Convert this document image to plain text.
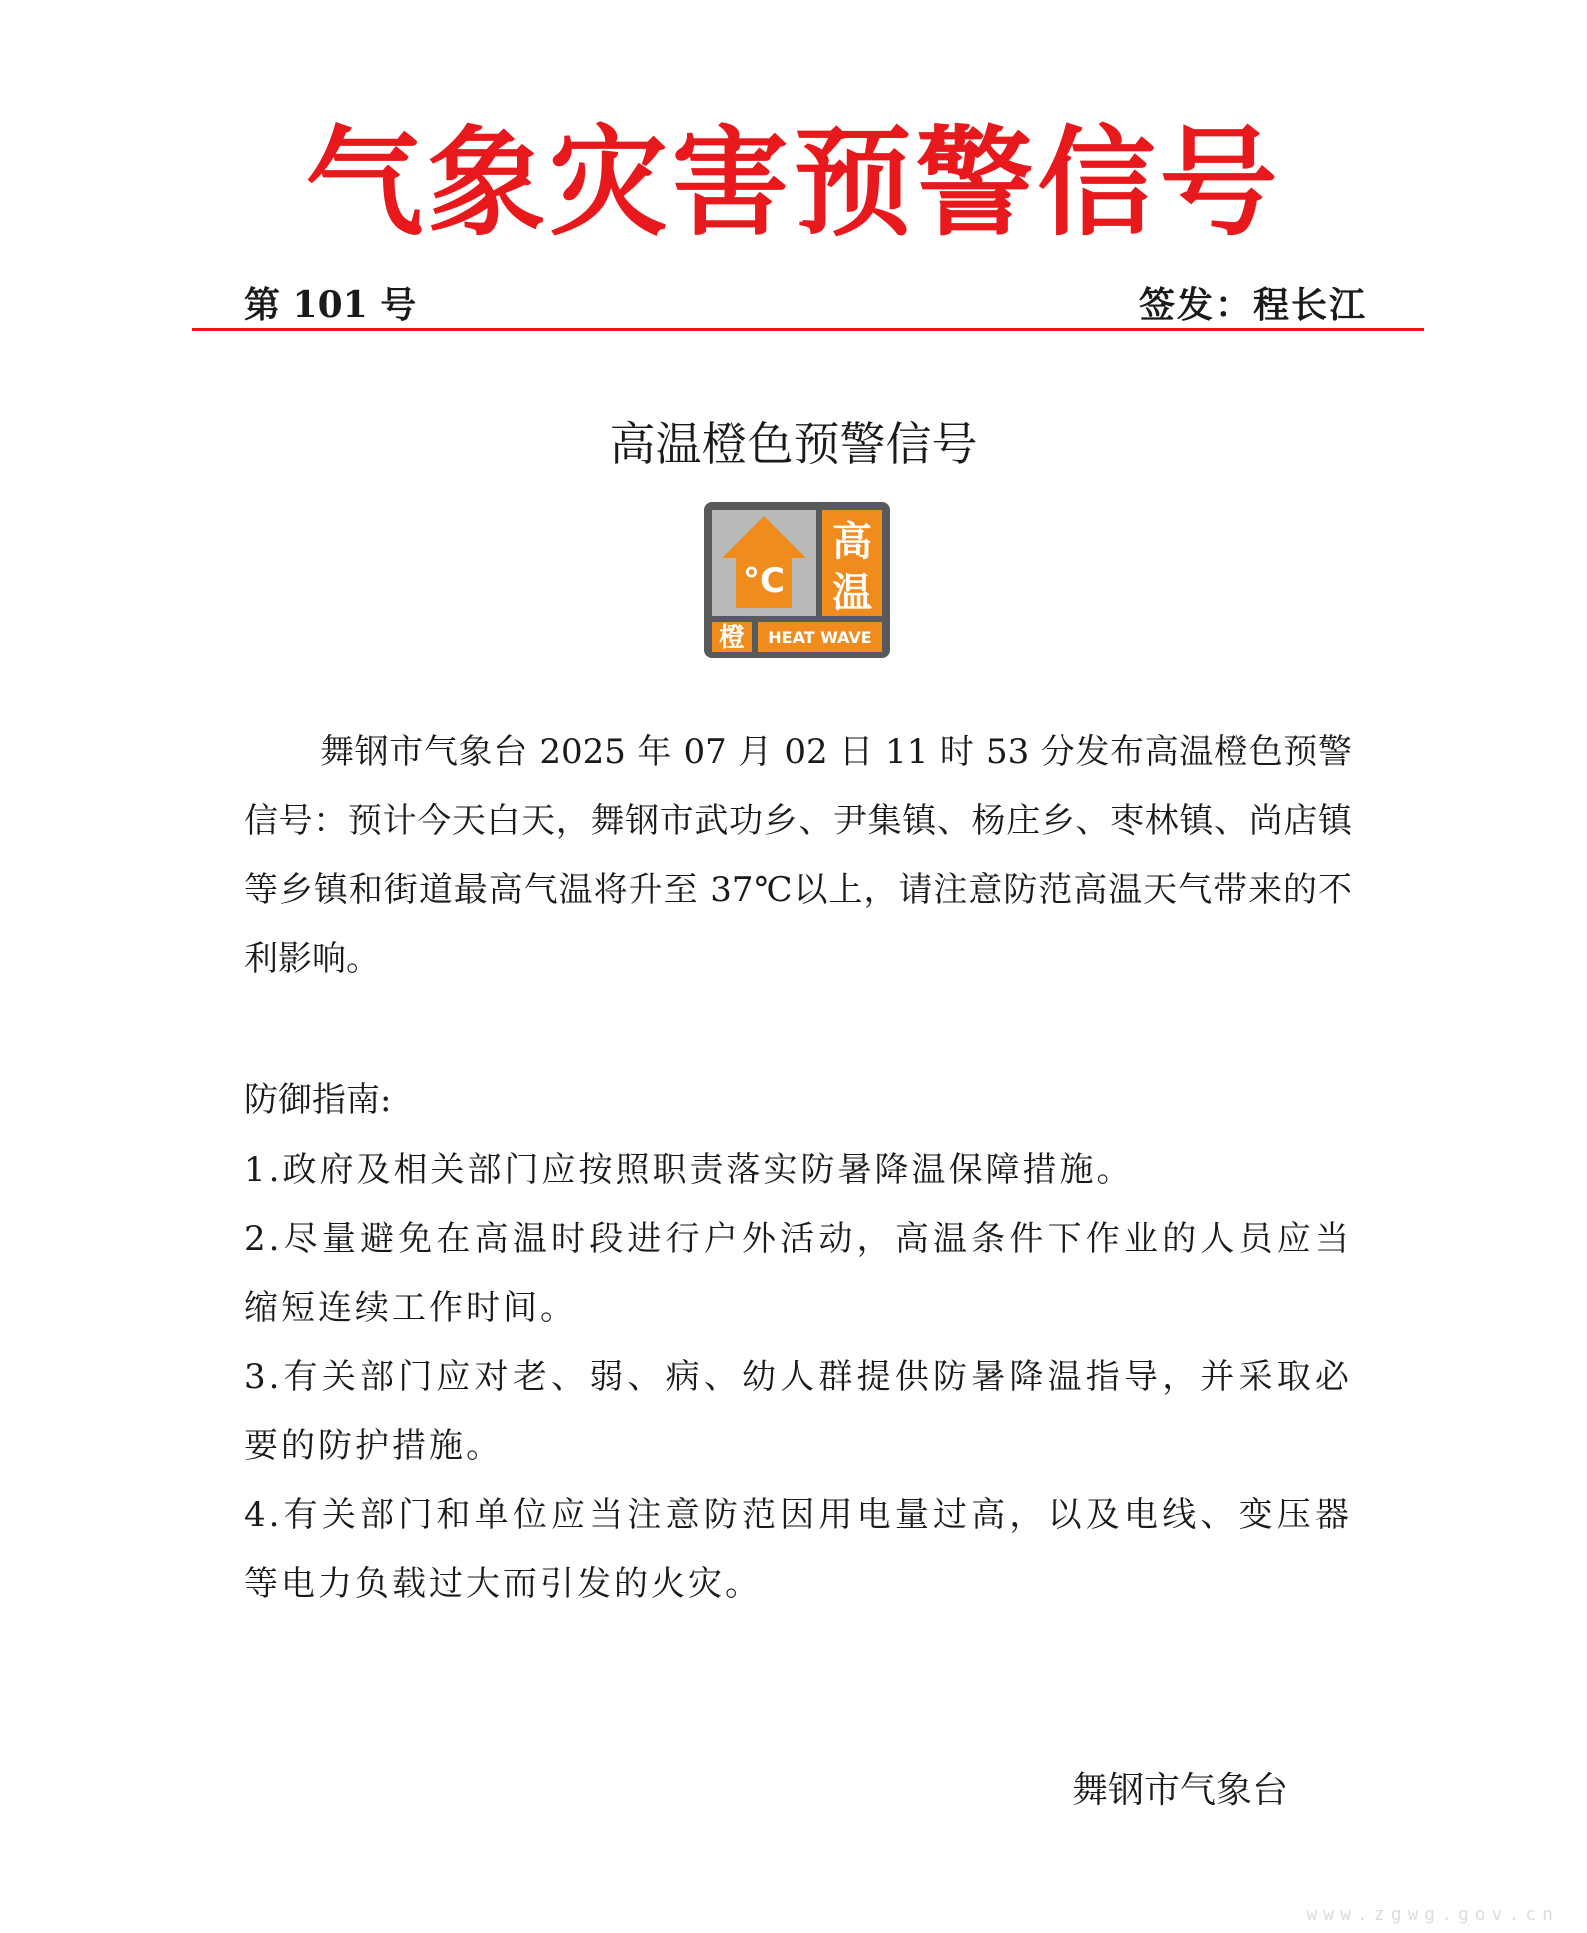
气象灾害预警信号
第 101 号	签发：程长江
高温橙色预警信号
°C
高
温
橙 HEAT WAVE

舞钢市气象台 2025 年 07 月 02 日 11 时 53 分发布高温橙色预警信号：预计今天白天，舞钢市武功乡、尹集镇、杨庄乡、枣林镇、尚店镇等乡镇和街道最高气温将升至 37℃以上，请注意防范高温天气带来的不利影响。

防御指南:
1.政府及相关部门应按照职责落实防暑降温保障措施。
2.尽量避免在高温时段进行户外活动，高温条件下作业的人员应当缩短连续工作时间。
3.有关部门应对老、弱、病、幼人群提供防暑降温指导，并采取必要的防护措施。
4.有关部门和单位应当注意防范因用电量过高，以及电线、变压器等电力负载过大而引发的火灾。
舞钢市气象台
www.zgwg.gov.cn
